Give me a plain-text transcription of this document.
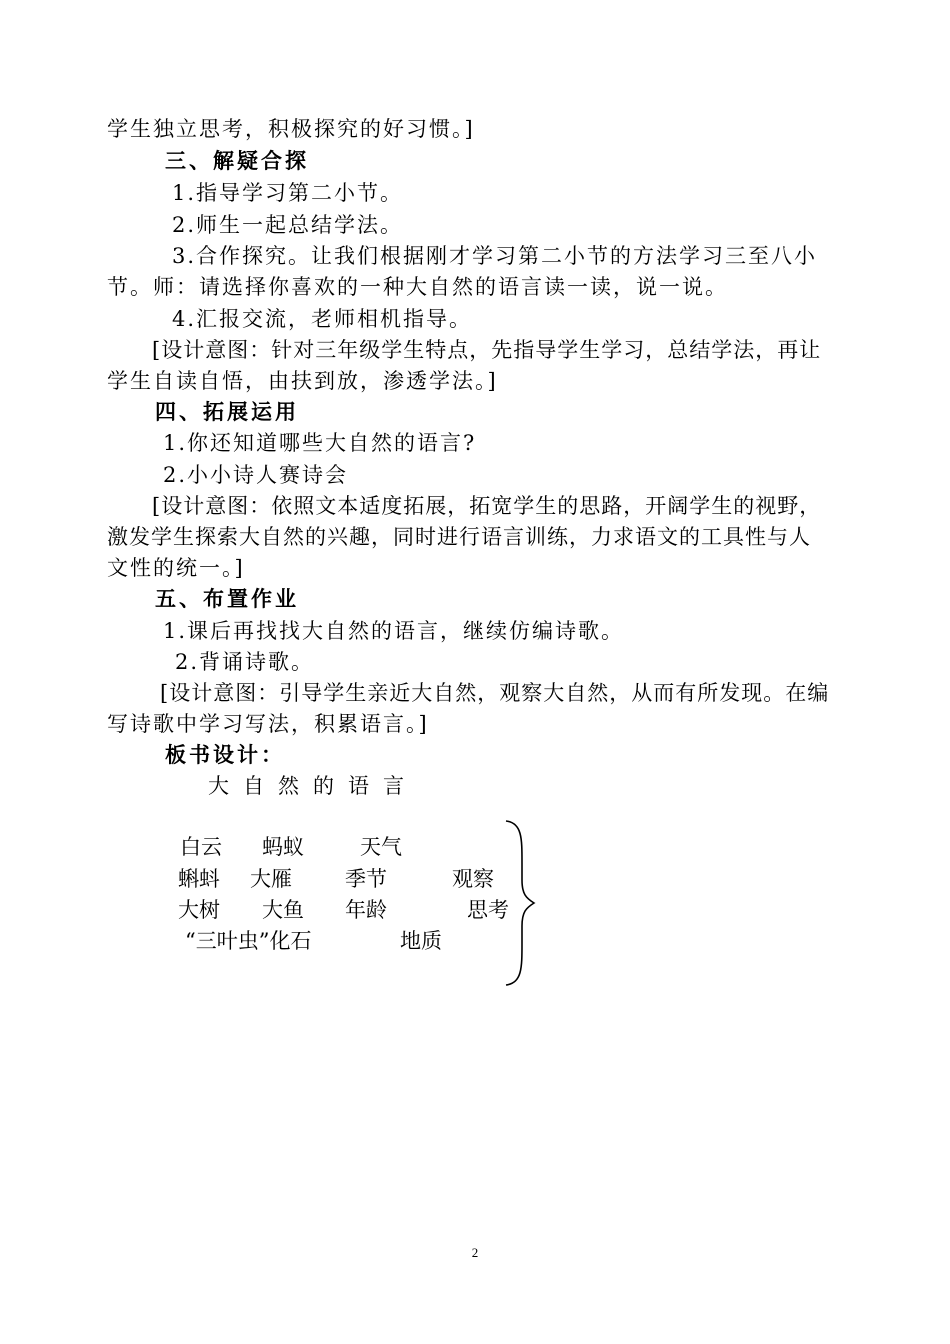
学生独立思考，积极探究的好习惯。]
三、解疑合探
1.指导学习第二小节。
2.师生一起总结学法。
3.合作探究。让我们根据刚才学习第二小节的方法学习三至八小
节。师：请选择你喜欢的一种大自然的语言读一读，说一说。
4.汇报交流，老师相机指导。
[设计意图：针对三年级学生特点，先指导学生学习，总结学法，再让
学生自读自悟，由扶到放，渗透学法。]
四、拓展运用
1.你还知道哪些大自然的语言?
2.小小诗人赛诗会
[设计意图：依照文本适度拓展，拓宽学生的思路，开阔学生的视野，
激发学生探索大自然的兴趣，同时进行语言训练，力求语文的工具性与人
文性的统一。]
五、布置作业
1.课后再找找大自然的语言，继续仿编诗歌。
2.背诵诗歌。
[设计意图：引导学生亲近大自然，观察大自然，从而有所发现。在编
写诗歌中学习写法，积累语言。]
板书设计：
大自然的语言
白云 蚂蚁	天气
蝌蚪 大雁	季节	观察
大树 大鱼 年龄	思考
“三叶虫”化石	地质
2
